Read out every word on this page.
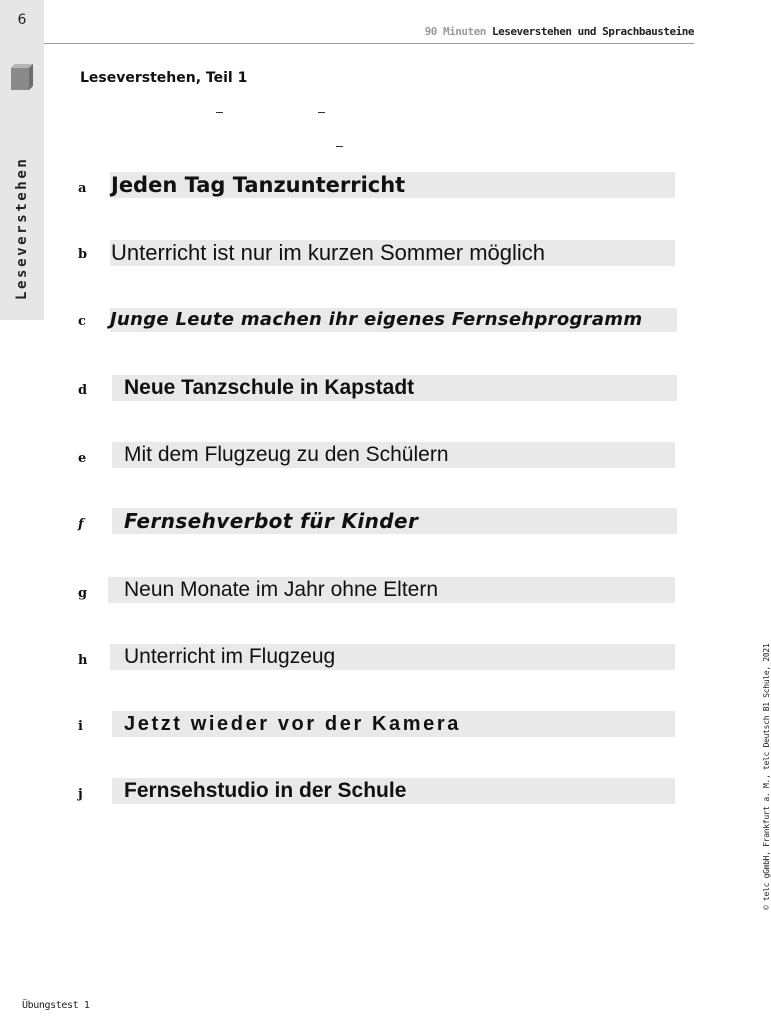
6
Leseverstehen
90 Minuten Leseverstehen und Sprachbausteine
Leseverstehen, Teil 1
a Jeden Tag Tanzunterricht
b Unterricht ist nur im kurzen Sommer möglich
c Junge Leute machen ihr eigenes Fernsehprogramm
d	Neue Tanzschule in Kapstadt
e	Mit dem Flugzeug zu den Schülern
f	Fernsehverbot für Kinder
g	Neun Monate im Jahr ohne Eltern
h	Unterricht im Flugzeug
i	Jetzt wieder vor der Kamera
j	Fernsehstudio in der Schule	© telc gGmbH, Frankfurt a. M., telc Deutsch B1 Schule, 2021
Übungstest 1
